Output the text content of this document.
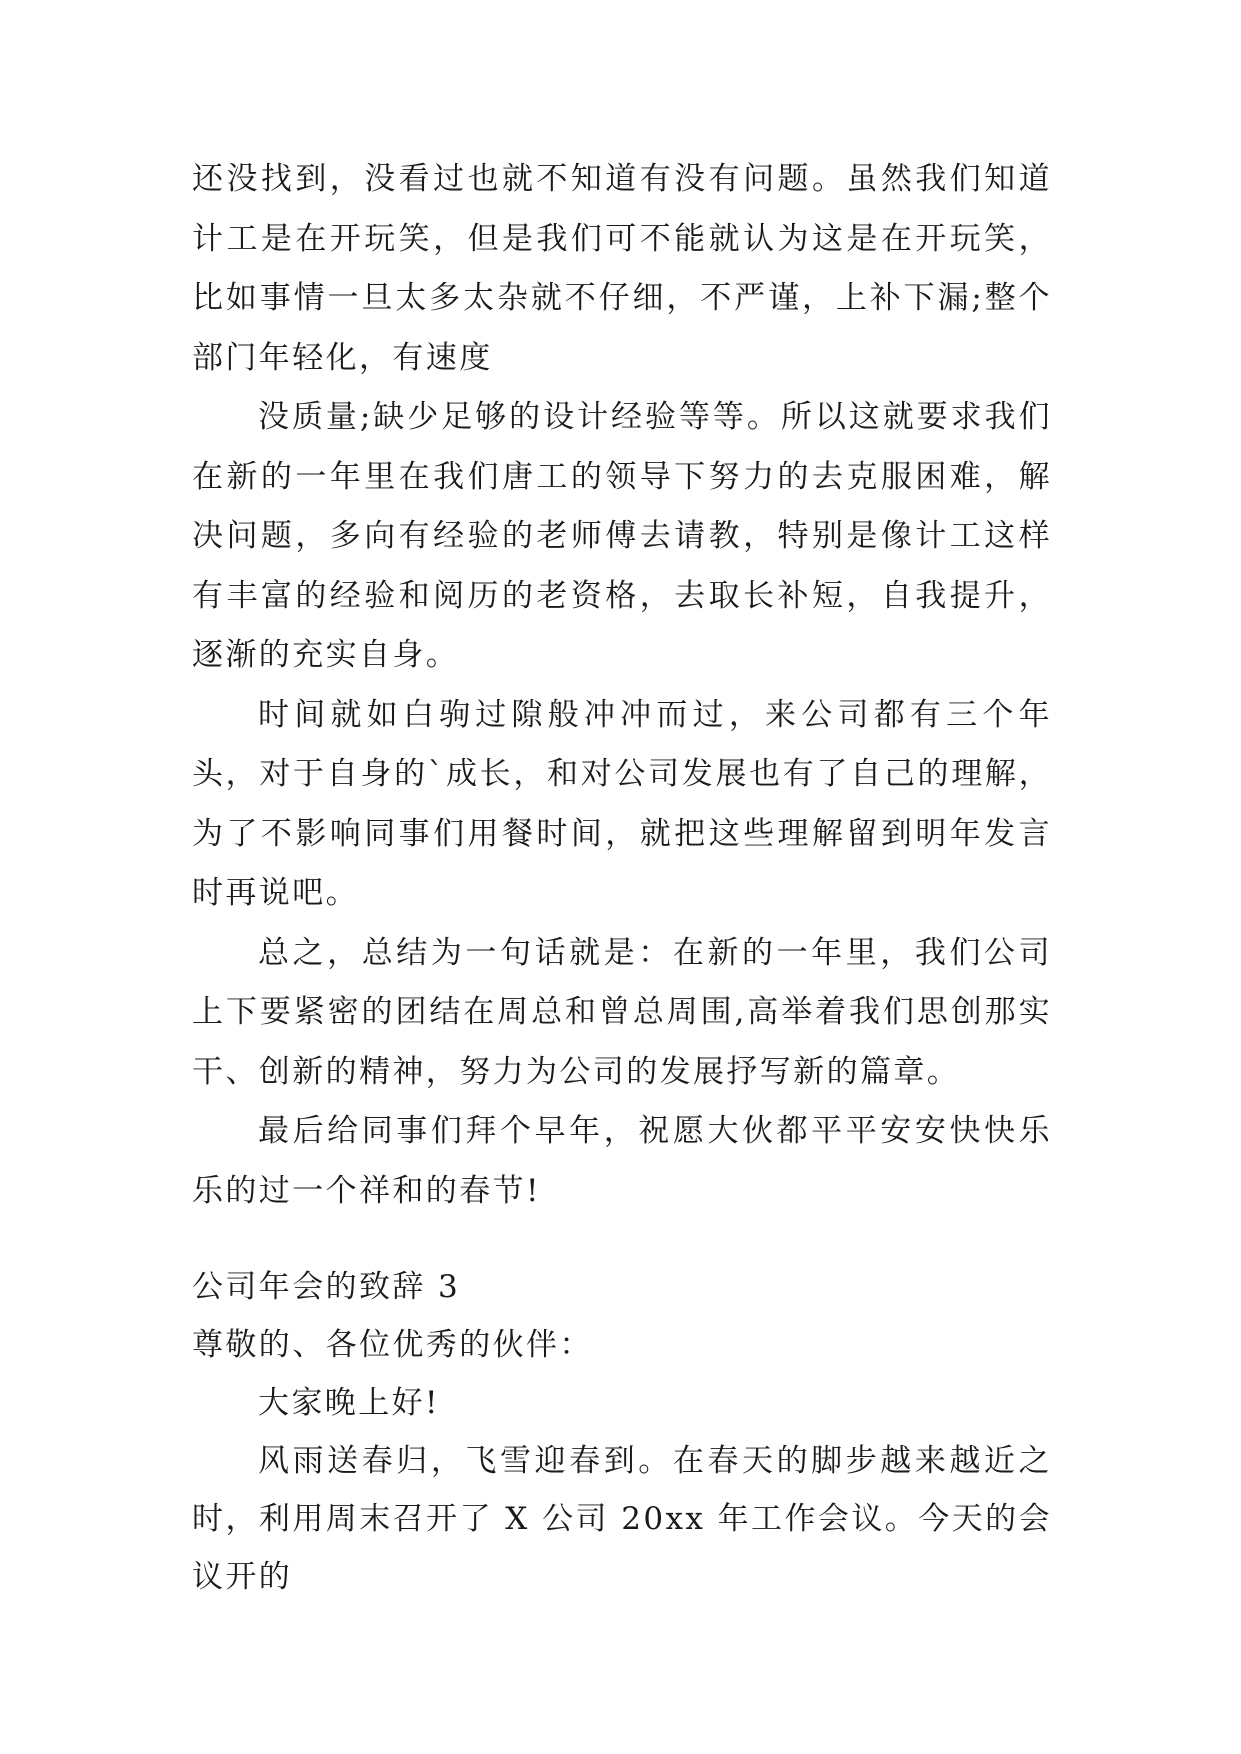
还没找到，没看过也就不知道有没有问题。虽然我们知道计工是在开玩笑，但是我们可不能就认为这是在开玩笑，比如事情一旦太多太杂就不仔细，不严谨，上补下漏;整个部门年轻化，有速度

没质量;缺少足够的设计经验等等。所以这就要求我们在新的一年里在我们唐工的领导下努力的去克服困难，解决问题，多向有经验的老师傅去请教，特别是像计工这样有丰富的经验和阅历的老资格，去取长补短，自我提升，逐渐的充实自身。

时间就如白驹过隙般冲冲而过，来公司都有三个年头，对于自身的`成长，和对公司发展也有了自己的理解，为了不影响同事们用餐时间，就把这些理解留到明年发言时再说吧。

总之，总结为一句话就是：在新的一年里，我们公司上下要紧密的团结在周总和曾总周围,高举着我们思创那实干、创新的精神，努力为公司的发展抒写新的篇章。

最后给同事们拜个早年，祝愿大伙都平平安安快快乐乐的过一个祥和的春节!

公司年会的致辞 3

尊敬的、各位优秀的伙伴：

大家晚上好!

风雨送春归，飞雪迎春到。在春天的脚步越来越近之时，利用周末召开了 X 公司 20xx 年工作会议。今天的会议开的
